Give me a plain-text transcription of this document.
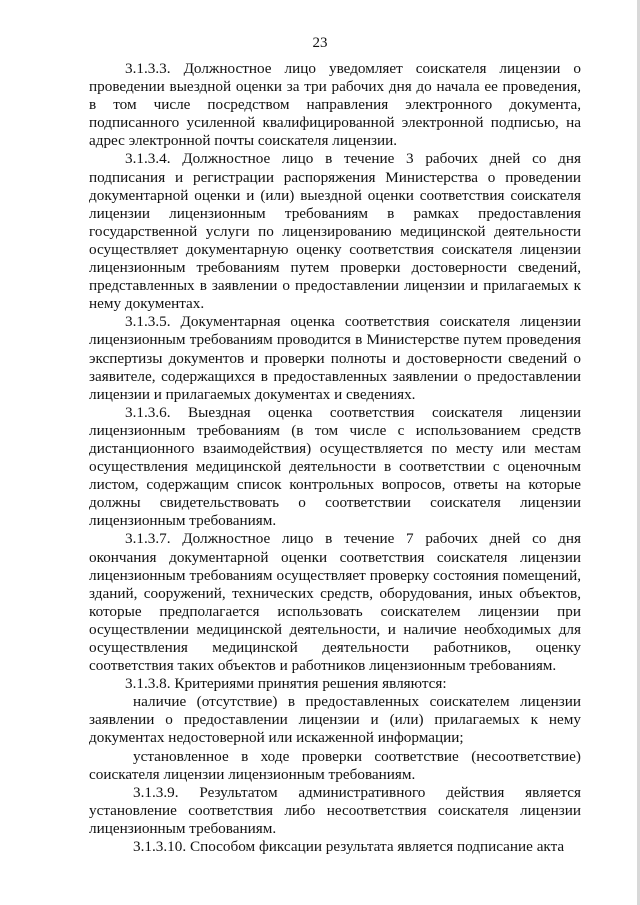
23

3.1.3.3. Должностное лицо уведомляет соискателя лицензии о проведении выездной оценки за три рабочих дня до начала ее проведения, в том числе посредством направления электронного документа, подписанного усиленной квалифицированной электронной подписью, на адрес электронной почты соискателя лицензии.

3.1.3.4. Должностное лицо в течение 3 рабочих дней со дня подписания и регистрации распоряжения Министерства о проведении документарной оценки и (или) выездной оценки соответствия соискателя лицензии лицензионным требованиям в рамках предоставления государственной услуги по лицензированию медицинской деятельности осуществляет документарную оценку соответствия соискателя лицензии лицензионным требованиям путем проверки достоверности сведений, представленных в заявлении о предоставлении лицензии и прилагаемых к нему документах.

3.1.3.5. Документарная оценка соответствия соискателя лицензии лицензионным требованиям проводится в Министерстве путем проведения экспертизы документов и проверки полноты и достоверности сведений о заявителе, содержащихся в предоставленных заявлении о предоставлении лицензии и прилагаемых документах и сведениях.

3.1.3.6. Выездная оценка соответствия соискателя лицензии лицензионным требованиям (в том числе с использованием средств дистанционного взаимодействия) осуществляется по месту или местам осуществления медицинской деятельности в соответствии с оценочным листом, содержащим список контрольных вопросов, ответы на которые должны свидетельствовать о соответствии соискателя лицензии лицензионным требованиям.

3.1.3.7. Должностное лицо в течение 7 рабочих дней со дня окончания документарной оценки соответствия соискателя лицензии лицензионным требованиям осуществляет проверку состояния помещений, зданий, сооружений, технических средств, оборудования, иных объектов, которые предполагается использовать соискателем лицензии при осуществлении медицинской деятельности, и наличие необходимых для осуществления медицинской деятельности работников, оценку соответствия таких объектов и работников лицензионным требованиям.

3.1.3.8. Критериями принятия решения являются:

наличие (отсутствие) в предоставленных соискателем лицензии заявлении о предоставлении лицензии и (или) прилагаемых к нему документах недостоверной или искаженной информации;

установленное в ходе проверки соответствие (несоответствие) соискателя лицензии лицензионным требованиям.

3.1.3.9. Результатом административного действия является установление соответствия либо несоответствия соискателя лицензии лицензионным требованиям.

3.1.3.10. Способом фиксации результата является подписание акта
